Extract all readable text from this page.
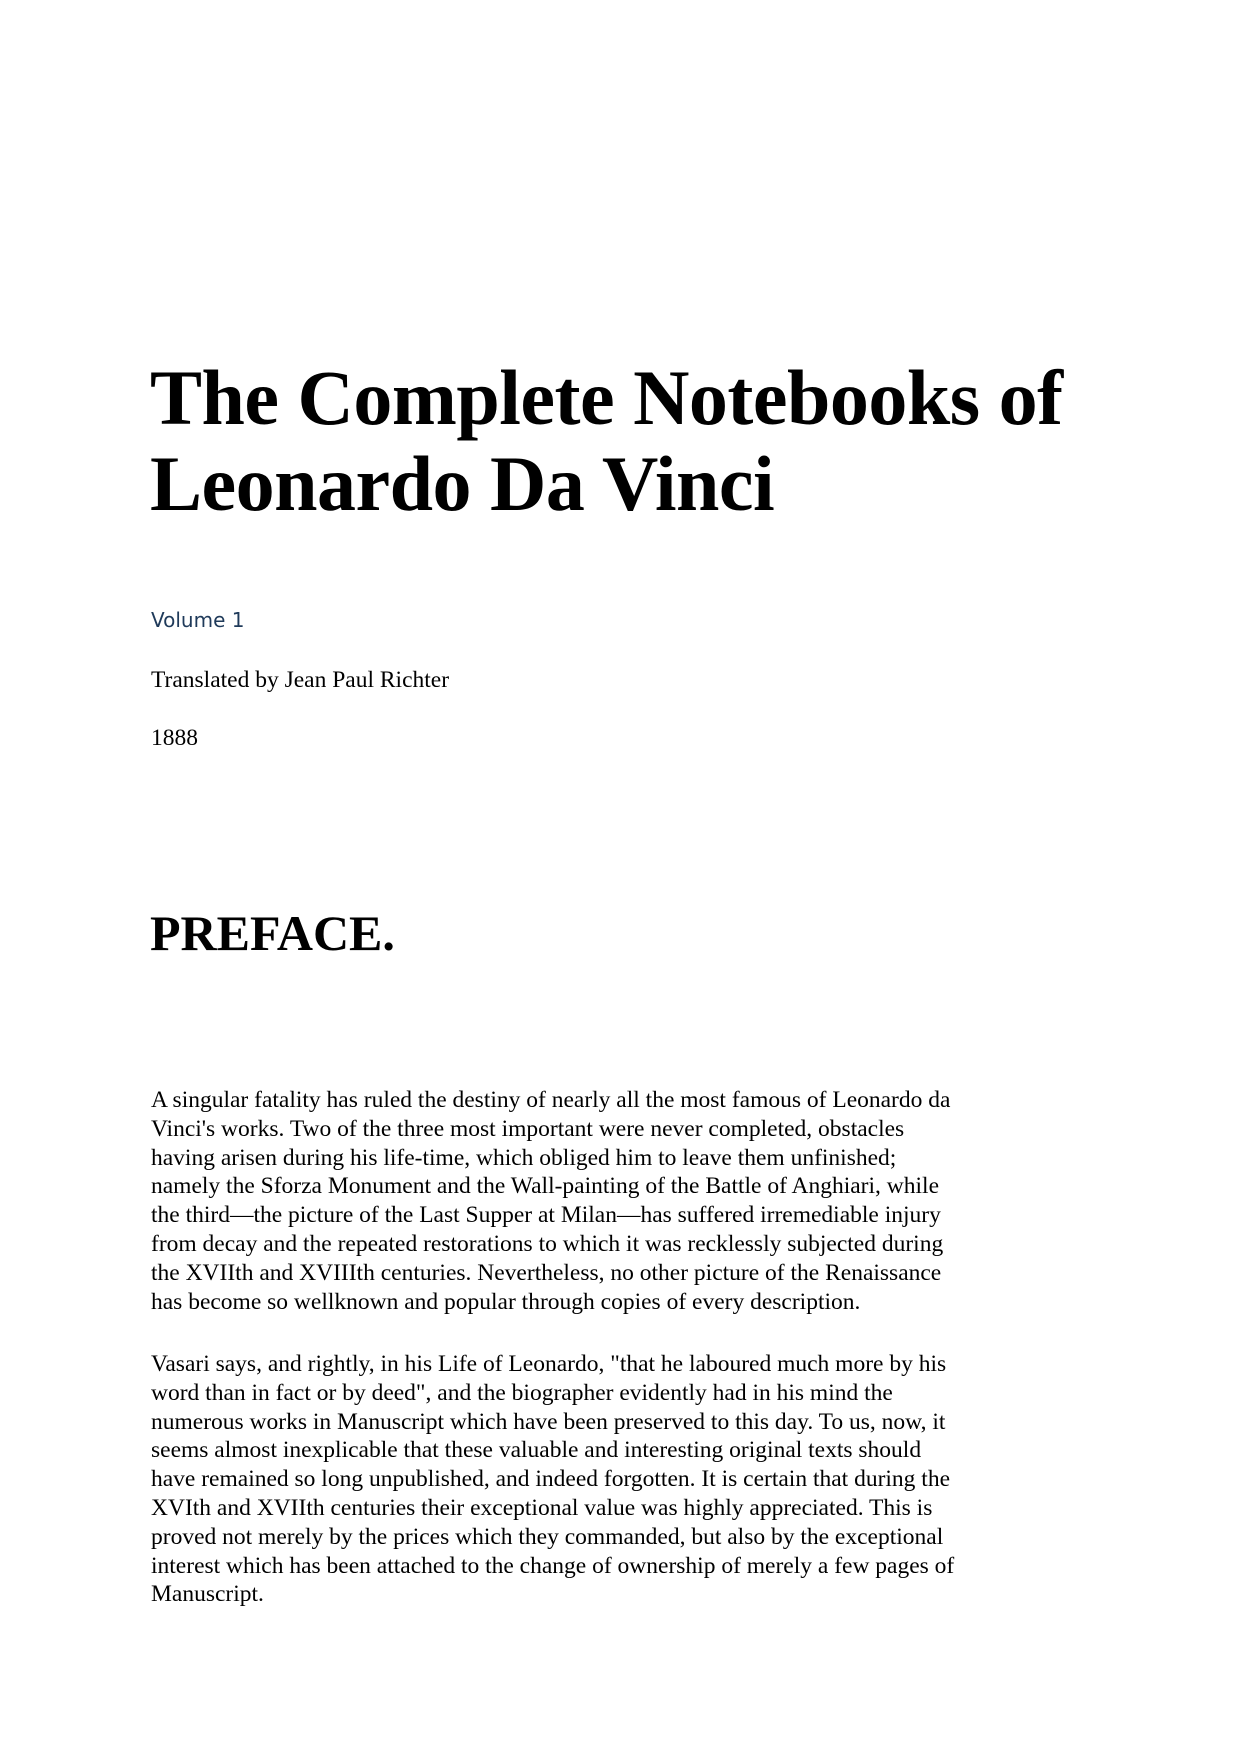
The Complete Notebooks of
Leonardo Da Vinci

Volume 1

Translated by Jean Paul Richter

1888

PREFACE.

A singular fatality has ruled the destiny of nearly all the most famous of Leonardo da
Vinci's works. Two of the three most important were never completed, obstacles
having arisen during his life-time, which obliged him to leave them unfinished;
namely the Sforza Monument and the Wall-painting of the Battle of Anghiari, while
the third—the picture of the Last Supper at Milan—has suffered irremediable injury
from decay and the repeated restorations to which it was recklessly subjected during
the XVIIth and XVIIIth centuries. Nevertheless, no other picture of the Renaissance
has become so wellknown and popular through copies of every description.

Vasari says, and rightly, in his Life of Leonardo, "that he laboured much more by his
word than in fact or by deed", and the biographer evidently had in his mind the
numerous works in Manuscript which have been preserved to this day. To us, now, it
seems almost inexplicable that these valuable and interesting original texts should
have remained so long unpublished, and indeed forgotten. It is certain that during the
XVIth and XVIIth centuries their exceptional value was highly appreciated. This is
proved not merely by the prices which they commanded, but also by the exceptional
interest which has been attached to the change of ownership of merely a few pages of
Manuscript.
